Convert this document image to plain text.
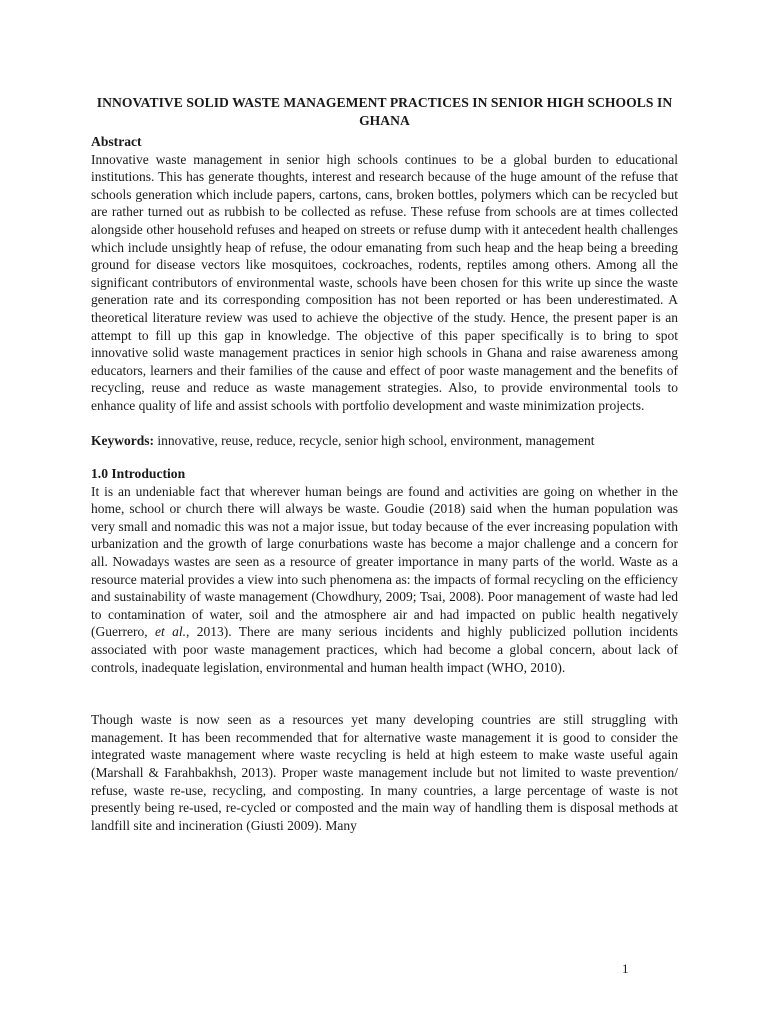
INNOVATIVE SOLID WASTE MANAGEMENT PRACTICES IN SENIOR HIGH SCHOOLS IN GHANA
Abstract

Innovative waste management in senior high schools continues to be a global burden to educational institutions. This has generate thoughts, interest and research because of the huge amount of the refuse that schools generation which include papers, cartons, cans, broken bottles, polymers which can be recycled but are rather turned out as rubbish to be collected as refuse. These refuse from schools are at times collected alongside other household refuses and heaped on streets or refuse dump with it antecedent health challenges which include unsightly heap of refuse, the odour emanating from such heap and the heap being a breeding ground for disease vectors like mosquitoes, cockroaches, rodents, reptiles among others. Among all the significant contributors of environmental waste, schools have been chosen for this write up since the waste generation rate and its corresponding composition has not been reported or has been underestimated. A theoretical literature review was used to achieve the objective of the study. Hence, the present paper is an attempt to fill up this gap in knowledge. The objective of this paper specifically is to bring to spot innovative solid waste management practices in senior high schools in Ghana and raise awareness among educators, learners and their families of the cause and effect of poor waste management and the benefits of recycling, reuse and reduce as waste management strategies. Also, to provide environmental tools to enhance quality of life and assist schools with portfolio development and waste minimization projects.

Keywords: innovative, reuse, reduce, recycle, senior high school, environment, management

1.0 Introduction

It is an undeniable fact that wherever human beings are found and activities are going on whether in the home, school or church there will always be waste. Goudie (2018) said when the human population was very small and nomadic this was not a major issue, but today because of the ever increasing population with urbanization and the growth of large conurbations waste has become a major challenge and a concern for all. Nowadays wastes are seen as a resource of greater importance in many parts of the world. Waste as a resource material provides a view into such phenomena as: the impacts of formal recycling on the efficiency and sustainability of waste management (Chowdhury, 2009; Tsai, 2008). Poor management of waste had led to contamination of water, soil and the atmosphere air and had impacted on public health negatively (Guerrero, et al., 2013). There are many serious incidents and highly publicized pollution incidents associated with poor waste management practices, which had become a global concern, about lack of controls, inadequate legislation, environmental and human health impact (WHO, 2010).

Though waste is now seen as a resources yet many developing countries are still struggling with management. It has been recommended that for alternative waste management it is good to consider the integrated waste management where waste recycling is held at high esteem to make waste useful again (Marshall & Farahbakhsh, 2013). Proper waste management include but not limited to waste prevention/ refuse, waste re-use, recycling, and composting. In many countries, a large percentage of waste is not presently being re-used, re-cycled or composted and the main way of handling them is disposal methods at landfill site and incineration (Giusti 2009). Many

1
